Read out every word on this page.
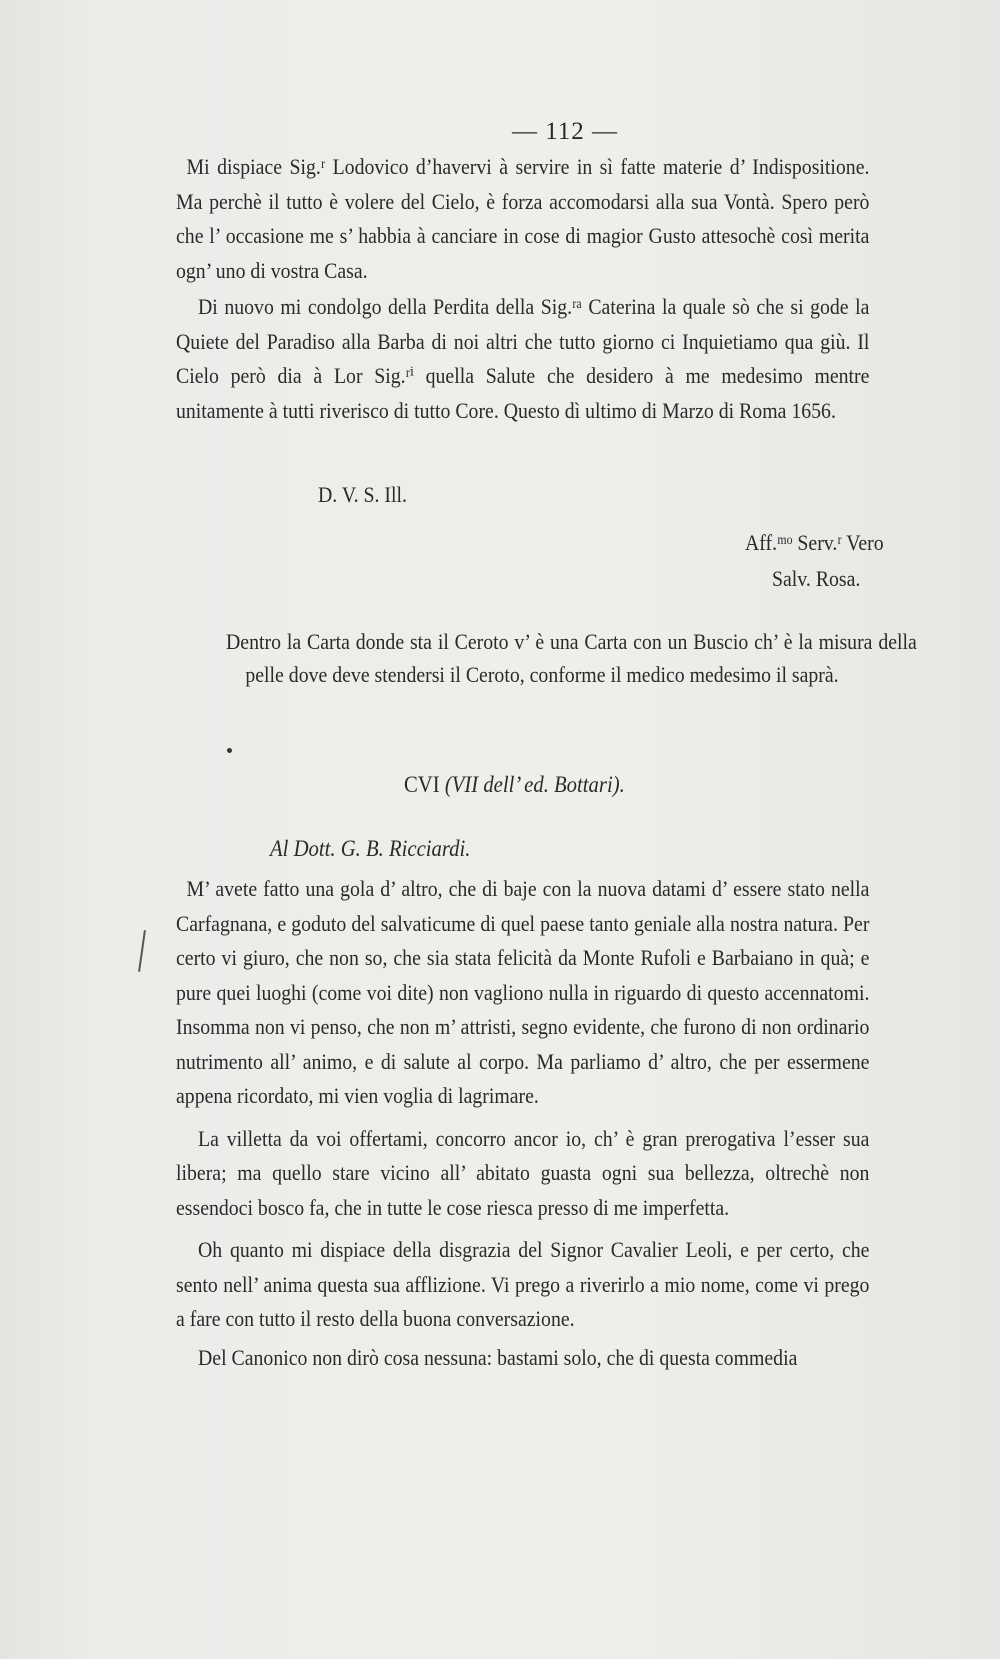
— 112 —

Mi dispiace Sig.ʳ Lodovico d’havervi à servire in sì fatte materie d’ Indispositione. Ma perchè il tutto è volere del Cielo, è forza accomodarsi alla sua Vontà. Spero però che l’ occasione me s’ habbia à canciare in cose di magior Gusto attesochè così merita ogn’ uno di vostra Casa.

Di nuovo mi condolgo della Perdita della Sig.ʳᵃ Caterina la quale sò che si gode la Quiete del Paradiso alla Barba di noi altri che tutto giorno ci Inquietiamo qua giù. Il Cielo però dia à Lor Sig.ʳⁱ quella Salute che desidero à me medesimo mentre unitamente à tutti riverisco di tutto Core. Questo dì ultimo di Marzo di Roma 1656.

D. V. S. Ill.
Aff.ᵐᵒ Serv.ʳ Vero
Salv. Rosa.

Dentro la Carta donde sta il Ceroto v’ è una Carta con un Buscio ch’ è la misura della pelle dove deve stendersi il Ceroto, conforme il medico medesimo il saprà.

CVI (VII dell’ ed. Bottari).
Al Dott. G. B. Ricciardi.

M’ avete fatto una gola d’ altro, che di baje con la nuova datami d’ essere stato nella Carfagnana, e goduto del salvaticume di quel paese tanto geniale alla nostra natura. Per certo vi giuro, che non so, che sia stata felicità da Monte Rufoli e Barbaiano in quà; e pure quei luoghi (come voi dite) non vagliono nulla in riguardo di questo accennatomi. Insomma non vi penso, che non m’ attristi, segno evidente, che furono di non ordinario nutrimento all’ animo, e di salute al corpo. Ma parliamo d’ altro, che per essermene appena ricordato, mi vien voglia di lagrimare.

La villetta da voi offertami, concorro ancor io, ch’ è gran prerogativa l’esser sua libera; ma quello stare vicino all’ abitato guasta ogni sua bellezza, oltrechè non essendoci bosco fa, che in tutte le cose riesca presso di me imperfetta.

Oh quanto mi dispiace della disgrazia del Signor Cavalier Leoli, e per certo, che sento nell’ anima questa sua afflizione. Vi prego a riverirlo a mio nome, come vi prego a fare con tutto il resto della buona conversazione.

Del Canonico non dirò cosa nessuna: bastami solo, che di questa commedia
